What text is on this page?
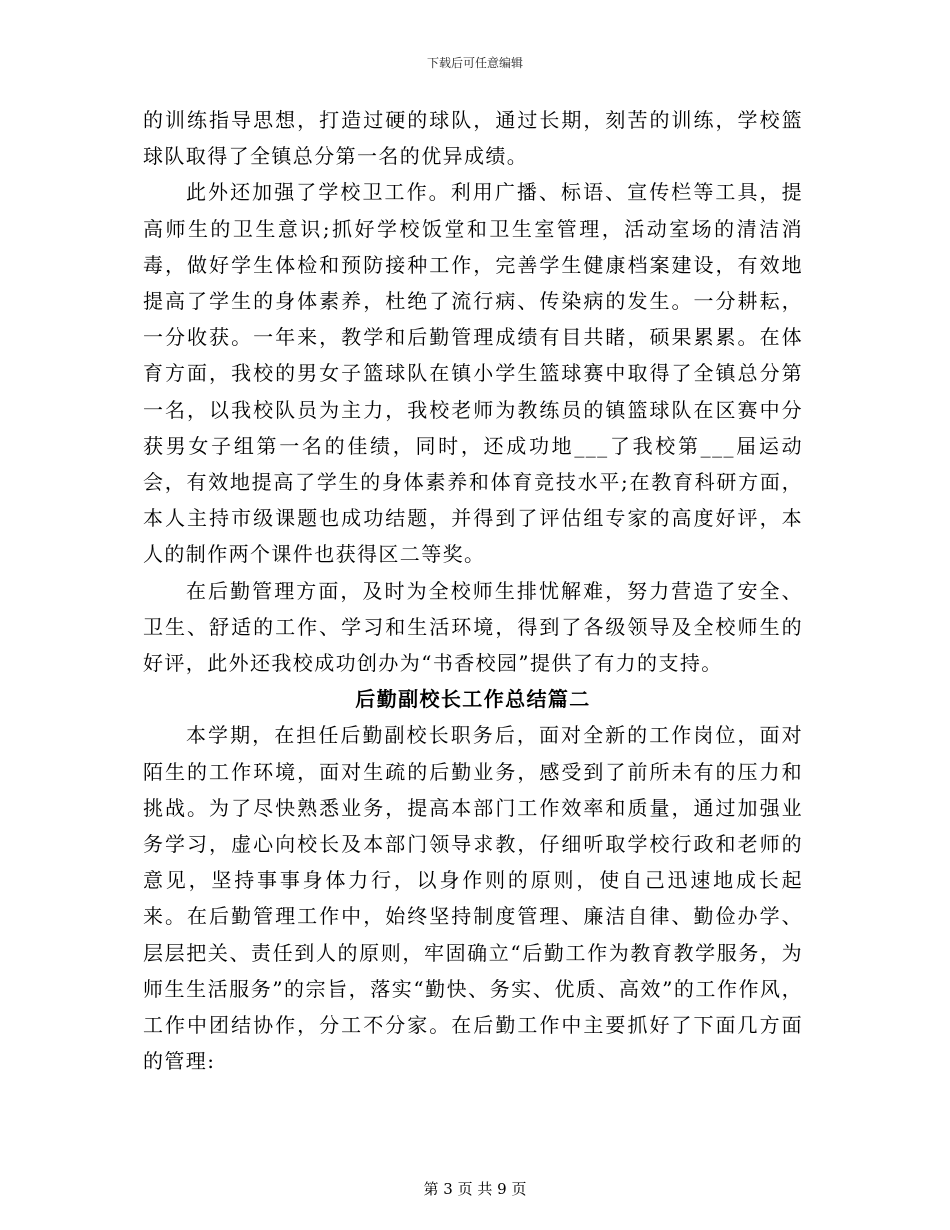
下载后可任意编辑

的训练指导思想，打造过硬的球队，通过长期，刻苦的训练，学校篮球队取得了全镇总分第一名的优异成绩。

此外还加强了学校卫工作。利用广播、标语、宣传栏等工具，提高师生的卫生意识;抓好学校饭堂和卫生室管理，活动室场的清洁消毒，做好学生体检和预防接种工作，完善学生健康档案建设，有效地提高了学生的身体素养，杜绝了流行病、传染病的发生。一分耕耘，一分收获。一年来，教学和后勤管理成绩有目共睹，硕果累累。在体育方面，我校的男女子篮球队在镇小学生篮球赛中取得了全镇总分第一名，以我校队员为主力，我校老师为教练员的镇篮球队在区赛中分获男女子组第一名的佳绩，同时，还成功地___了我校第___届运动会，有效地提高了学生的身体素养和体育竞技水平;在教育科研方面，本人主持市级课题也成功结题，并得到了评估组专家的高度好评，本人的制作两个课件也获得区二等奖。

在后勤管理方面，及时为全校师生排忧解难，努力营造了安全、卫生、舒适的工作、学习和生活环境，得到了各级领导及全校师生的好评，此外还我校成功创办为“书香校园”提供了有力的支持。

后勤副校长工作总结篇二

本学期，在担任后勤副校长职务后，面对全新的工作岗位，面对陌生的工作环境，面对生疏的后勤业务，感受到了前所未有的压力和挑战。为了尽快熟悉业务，提高本部门工作效率和质量，通过加强业务学习，虚心向校长及本部门领导求教，仔细听取学校行政和老师的意见，坚持事事身体力行，以身作则的原则，使自己迅速地成长起来。在后勤管理工作中，始终坚持制度管理、廉洁自律、勤俭办学、层层把关、责任到人的原则，牢固确立“后勤工作为教育教学服务，为师生生活服务”的宗旨，落实“勤快、务实、优质、高效”的工作作风，工作中团结协作，分工不分家。在后勤工作中主要抓好了下面几方面的管理:

第 3 页 共 9 页
